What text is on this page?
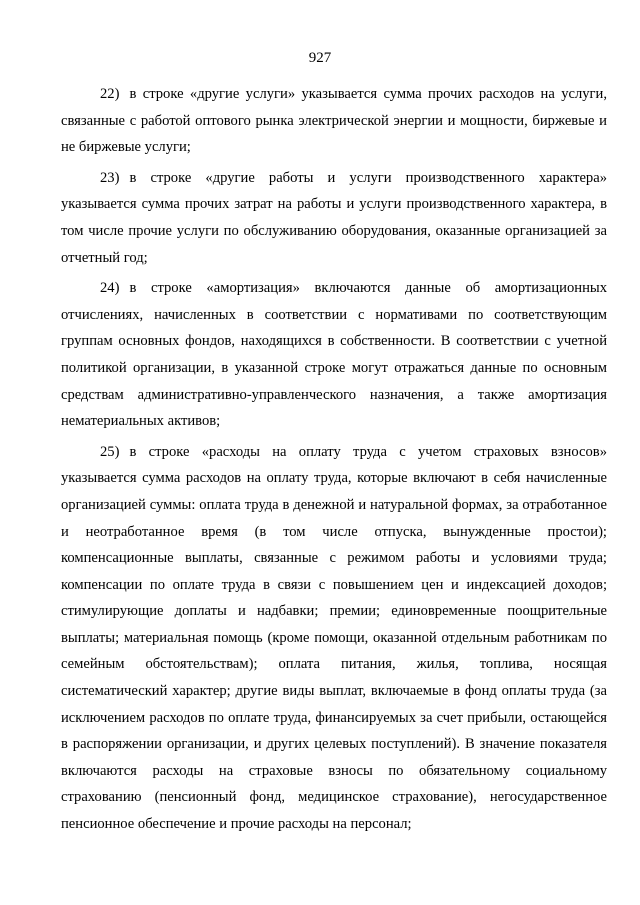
927

22) в строке «другие услуги» указывается сумма прочих расходов на услуги, связанные с работой оптового рынка электрической энергии и мощности, биржевые и не биржевые услуги;

23) в строке «другие работы и услуги производственного характера» указывается сумма прочих затрат на работы и услуги производственного характера, в том числе прочие услуги по обслуживанию оборудования, оказанные организацией за отчетный год;

24) в строке «амортизация» включаются данные об амортизационных отчислениях, начисленных в соответствии с нормативами по соответствующим группам основных фондов, находящихся в собственности. В соответствии с учетной политикой организации, в указанной строке могут отражаться данные по основным средствам административно-управленческого назначения, а также амортизация нематериальных активов;

25) в строке «расходы на оплату труда с учетом страховых взносов» указывается сумма расходов на оплату труда, которые включают в себя начисленные организацией суммы: оплата труда в денежной и натуральной формах, за отработанное и неотработанное время (в том числе отпуска, вынужденные простои); компенсационные выплаты, связанные с режимом работы и условиями труда; компенсации по оплате труда в связи с повышением цен и индексацией доходов; стимулирующие доплаты и надбавки; премии; единовременные поощрительные выплаты; материальная помощь (кроме помощи, оказанной отдельным работникам по семейным обстоятельствам); оплата питания, жилья, топлива, носящая систематический характер; другие виды выплат, включаемые в фонд оплаты труда (за исключением расходов по оплате труда, финансируемых за счет прибыли, остающейся в распоряжении организации, и других целевых поступлений). В значение показателя включаются расходы на страховые взносы по обязательному социальному страхованию (пенсионный фонд, медицинское страхование), негосударственное пенсионное обеспечение и прочие расходы на персонал;
